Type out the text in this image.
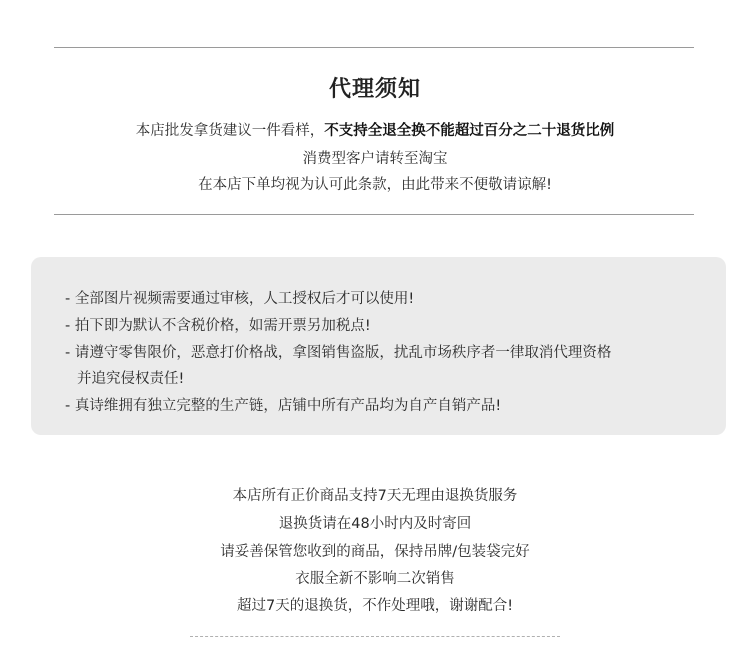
代理须知
本店批发拿货建议一件看样，不支持全退全换不能超过百分之二十退货比例
消费型客户请转至淘宝
在本店下单均视为认可此条款，由此带来不便敬请谅解!
- 全部图片视频需要通过审核，人工授权后才可以使用!
- 拍下即为默认不含税价格，如需开票另加税点!
- 请遵守零售限价，恶意打价格战，拿图销售盗版，扰乱市场秩序者一律取消代理资格
并追究侵权责任!
- 真诗维拥有独立完整的生产链，店铺中所有产品均为自产自销产品!
本店所有正价商品支持7天无理由退换货服务
退换货请在48小时内及时寄回
请妥善保管您收到的商品，保持吊牌/包装袋完好
衣服全新不影响二次销售
超过7天的退换货，不作处理哦，谢谢配合!
